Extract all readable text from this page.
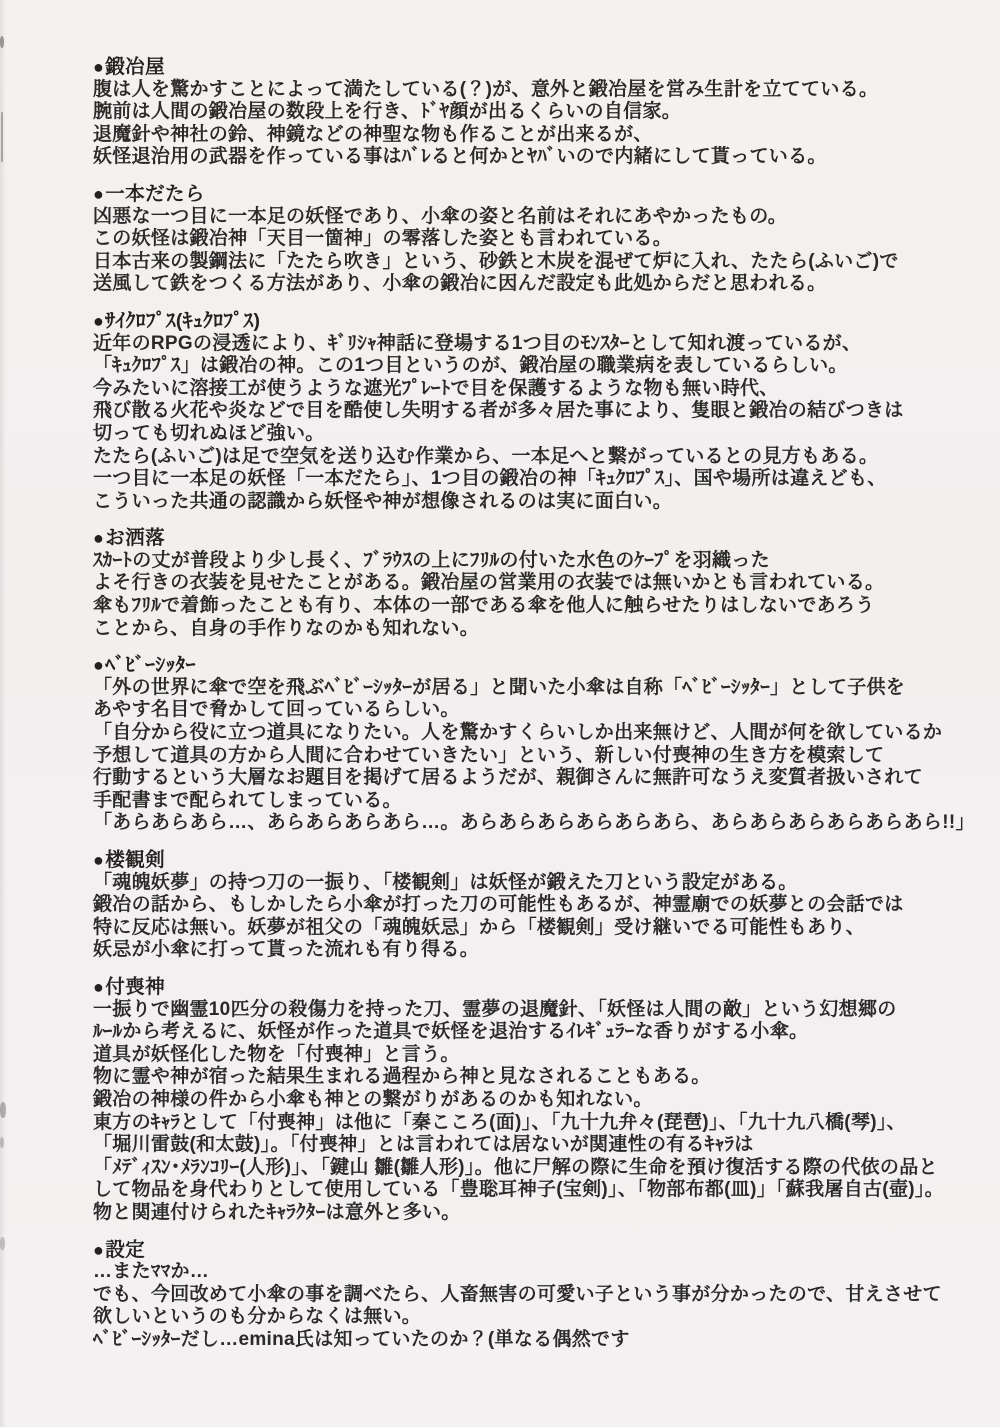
●鍛冶屋

腹は人を驚かすことによって満たしている(？)が、意外と鍛冶屋を営み生計を立てている。

腕前は人間の鍛冶屋の数段上を行き、ﾄﾞﾔ顔が出るくらいの自信家。

退魔針や神社の鈴、神鏡などの神聖な物も作ることが出来るが、

妖怪退治用の武器を作っている事はﾊﾞﾚると何かとﾔﾊﾞいので内緒にして貰っている。

●一本だたら

凶悪な一つ目に一本足の妖怪であり、小傘の姿と名前はそれにあやかったもの。

この妖怪は鍛冶神「天目一箇神」の零落した姿とも言われている。

日本古来の製鋼法に「たたら吹き」という、砂鉄と木炭を混ぜて炉に入れ、たたら(ふいご)で

送風して鉄をつくる方法があり、小傘の鍛冶に因んだ設定も此処からだと思われる。

●ｻｲｸﾛﾌﾟｽ(ｷｭｸﾛﾌﾟｽ)

近年のRPGの浸透により、ｷﾞﾘｼｬ神話に登場する1つ目のﾓﾝｽﾀｰとして知れ渡っているが、

「ｷｭｸﾛﾌﾟｽ」は鍛冶の神。この1つ目というのが、鍛冶屋の職業病を表しているらしい。

今みたいに溶接工が使うような遮光ﾌﾟﾚｰﾄで目を保護するような物も無い時代、

飛び散る火花や炎などで目を酷使し失明する者が多々居た事により、隻眼と鍛冶の結びつきは

切っても切れぬほど強い。

たたら(ふいご)は足で空気を送り込む作業から、一本足へと繋がっているとの見方もある。

一つ目に一本足の妖怪「一本だたら」、1つ目の鍛冶の神「ｷｭｸﾛﾌﾟｽ」、国や場所は違えども、

こういった共通の認識から妖怪や神が想像されるのは実に面白い。

●お洒落

ｽｶｰﾄの丈が普段より少し長く、ﾌﾞﾗｳｽの上にﾌﾘﾙの付いた水色のｹｰﾌﾟを羽織った

よそ行きの衣装を見せたことがある。鍛冶屋の営業用の衣装では無いかとも言われている。

傘もﾌﾘﾙで着飾ったことも有り、本体の一部である傘を他人に触らせたりはしないであろう

ことから、自身の手作りなのかも知れない。

●ﾍﾞﾋﾞｰｼｯﾀｰ

「外の世界に傘で空を飛ぶﾍﾞﾋﾞｰｼｯﾀｰが居る」と聞いた小傘は自称「ﾍﾞﾋﾞｰｼｯﾀｰ」として子供を

あやす名目で脅かして回っているらしい。

「自分から役に立つ道具になりたい。人を驚かすくらいしか出来無けど、人間が何を欲しているか

予想して道具の方から人間に合わせていきたい」という、新しい付喪神の生き方を模索して

行動するという大層なお題目を掲げて居るようだが、親御さんに無許可なうえ変質者扱いされて

手配書まで配られてしまっている。

「あらあらあら…、あらあらあらあら…。あらあらあらあらあらあら、あらあらあらあらあらあら!!」

●楼観剣

「魂魄妖夢」の持つ刀の一振り、「楼観剣」は妖怪が鍛えた刀という設定がある。

鍛冶の話から、もしかしたら小傘が打った刀の可能性もあるが、神霊廟での妖夢との会話では

特に反応は無い。妖夢が祖父の「魂魄妖忌」から「楼観剣」受け継いでる可能性もあり、

妖忌が小傘に打って貰った流れも有り得る。

●付喪神

一振りで幽霊10匹分の殺傷力を持った刀、霊夢の退魔針、「妖怪は人間の敵」という幻想郷の

ﾙｰﾙから考えるに、妖怪が作った道具で妖怪を退治するｲﾚｷﾞｭﾗｰな香りがする小傘。

道具が妖怪化した物を「付喪神」と言う。

物に霊や神が宿った結果生まれる過程から神と見なされることもある。

鍛冶の神様の件から小傘も神との繋がりがあるのかも知れない。

東方のｷｬﾗとして「付喪神」は他に「秦こころ(面)」、「九十九弁々(琵琶)」、「九十九八橋(琴)」、

「堀川雷鼓(和太鼓)」。「付喪神」とは言われては居ないが関連性の有るｷｬﾗは

「ﾒﾃﾞｨｽﾝ･ﾒﾗﾝｺﾘｰ(人形)」、「鍵山 雛(雛人形)」。他に尸解の際に生命を預け復活する際の代依の品と

して物品を身代わりとして使用している「豊聡耳神子(宝剣)」、「物部布都(皿)」「蘇我屠自古(壺)」。

物と関連付けられたｷｬﾗｸﾀｰは意外と多い。

●設定

…またﾏﾏか…

でも、今回改めて小傘の事を調べたら、人畜無害の可愛い子という事が分かったので、甘えさせて

欲しいというのも分からなくは無い。

ﾍﾞﾋﾞｰｼｯﾀｰだし…emina氏は知っていたのか？(単なる偶然です
